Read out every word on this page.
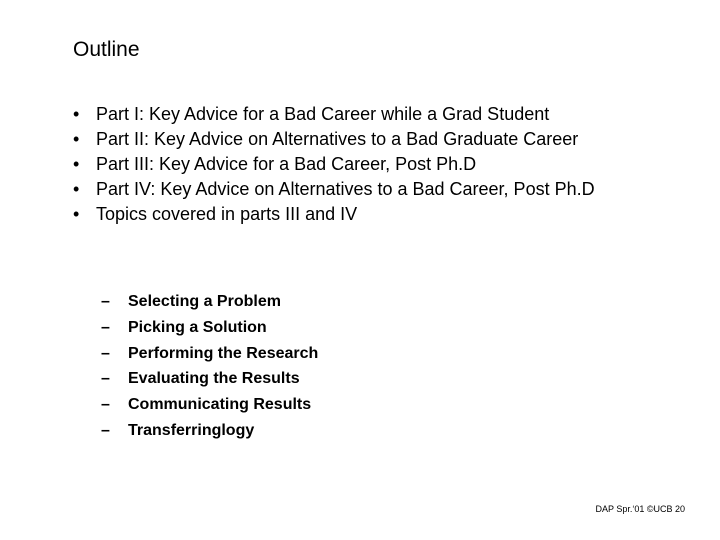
Outline
• Part I: Key Advice for a Bad Career while a Grad Student
• Part II: Key Advice on Alternatives to a Bad Graduate Career
• Part III: Key Advice for a Bad Career, Post Ph.D
• Part IV: Key Advice on Alternatives to a Bad Career, Post Ph.D
• Topics covered in parts III and IV
– Selecting a Problem
– Picking a Solution
– Performing the Research
– Evaluating the Results
– Communicating Results
– Transferringlogy
DAP Spr.‘01 ©UCB 20
